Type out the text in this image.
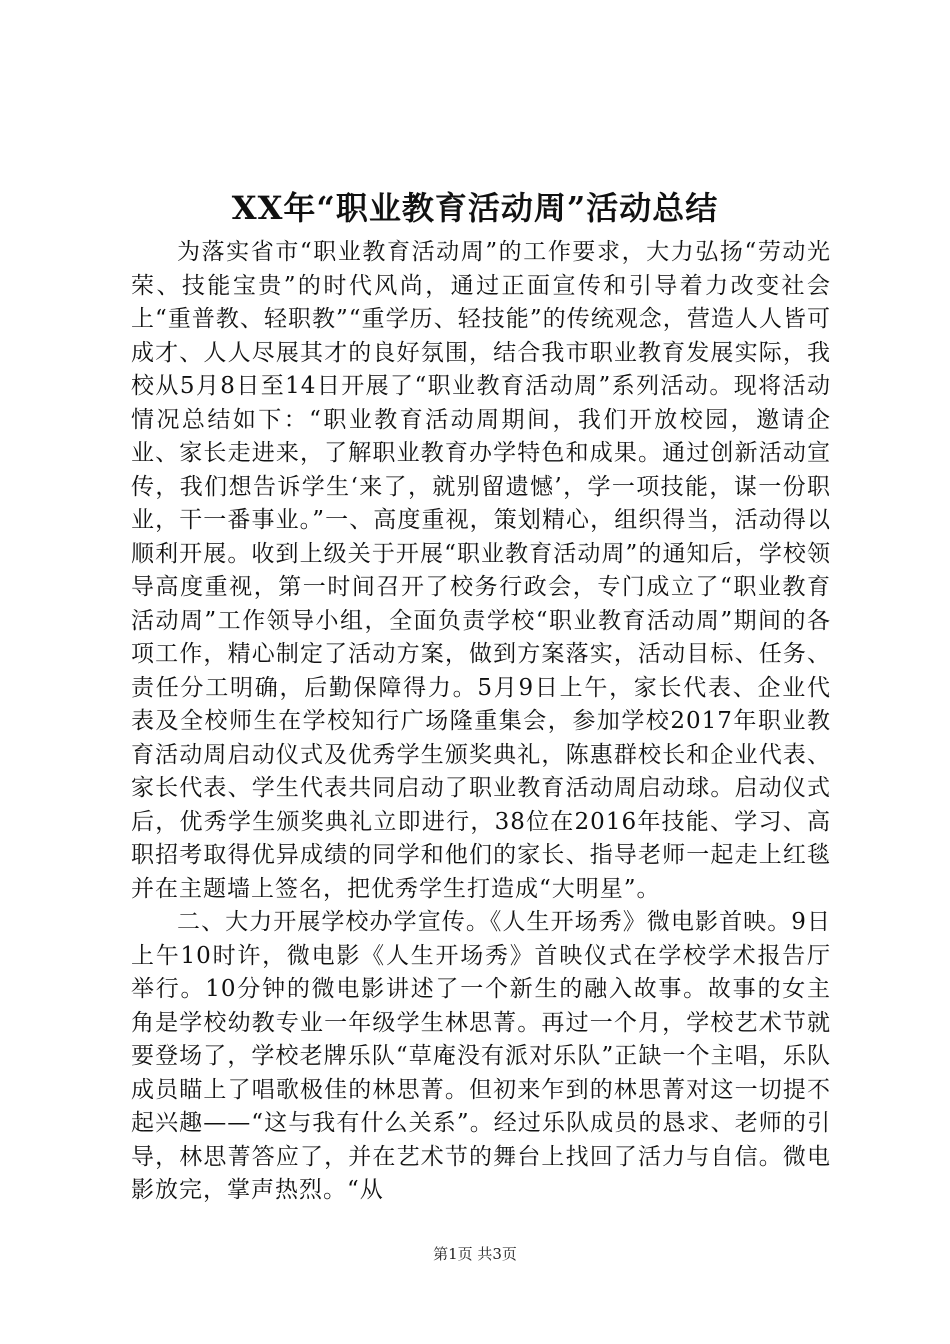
XX年“职业教育活动周”活动总结

为落实省市“职业教育活动周”的工作要求，大力弘扬“劳动光荣、技能宝贵”的时代风尚，通过正面宣传和引导着力改变社会上“重普教、轻职教”“重学历、轻技能”的传统观念，营造人人皆可成才、人人尽展其才的良好氛围，结合我市职业教育发展实际，我校从5月8日至14日开展了“职业教育活动周”系列活动。现将活动情况总结如下：“职业教育活动周期间，我们开放校园，邀请企业、家长走进来，了解职业教育办学特色和成果。通过创新活动宣传，我们想告诉学生‘来了，就别留遗憾’，学一项技能，谋一份职业，干一番事业。”一、高度重视，策划精心，组织得当，活动得以顺利开展。收到上级关于开展“职业教育活动周”的通知后，学校领导高度重视，第一时间召开了校务行政会，专门成立了“职业教育活动周”工作领导小组，全面负责学校“职业教育活动周”期间的各项工作，精心制定了活动方案，做到方案落实，活动目标、任务、责任分工明确，后勤保障得力。5月9日上午，家长代表、企业代表及全校师生在学校知行广场隆重集会，参加学校2017年职业教育活动周启动仪式及优秀学生颁奖典礼，陈惠群校长和企业代表、家长代表、学生代表共同启动了职业教育活动周启动球。启动仪式后，优秀学生颁奖典礼立即进行，38位在2016年技能、学习、高职招考取得优异成绩的同学和他们的家长、指导老师一起走上红毯并在主题墙上签名，把优秀学生打造成“大明星”。

二、大力开展学校办学宣传。《人生开场秀》微电影首映。9日上午10时许，微电影《人生开场秀》首映仪式在学校学术报告厅举行。10分钟的微电影讲述了一个新生的融入故事。故事的女主角是学校幼教专业一年级学生林思菁。再过一个月，学校艺术节就要登场了，学校老牌乐队“草庵没有派对乐队”正缺一个主唱，乐队成员瞄上了唱歌极佳的林思菁。但初来乍到的林思菁对这一切提不起兴趣——“这与我有什么关系”。经过乐队成员的恳求、老师的引导，林思菁答应了，并在艺术节的舞台上找回了活力与自信。微电影放完，掌声热烈。“从

第1页 共3页
